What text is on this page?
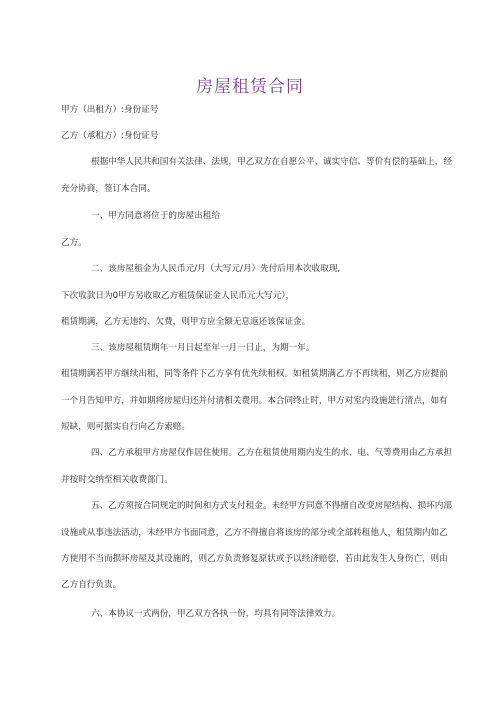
房屋租赁合同
甲方（出租方）:身份证号
乙方（承租方）:身份证号
根据中华人民共和国有关法律、法规，甲乙双方在自愿公平、诚实守信、等价有偿的基础上，经
充分协商，签订本合同。
一、甲方同意将位于的房屋出租给
乙方。
二、该房屋租金为人民币元/月（大写元/月）先付后用本次收取现,
下次收款日为0甲方另收取乙方租赁保证金人民币元大写元），
租赁期满，乙方无违约、欠费，则甲方应全额无息返还该保证金。
三、该房屋租赁期年一月日起至年一月一日止，为期一年。
租赁期满若甲方继续出租，同等条件下乙方享有优先续租权。如租赁期满乙方不再续租，则乙方应提前
一个月告知甲方，并如期将房屋归还并付清相关费用。本合同终止时，甲方对室内设施进行清点，如有
短缺，则可据实自行向乙方索赔。
四、乙方承租甲方房屋仅作居住使用。乙方在租赁使用期内发生的水、电、气等费用由乙方承担
并按时交纳至相关收费部门。
五、乙方须按合同规定的时间和方式支付租金。未经甲方同意不得擅自改变房屋结构、损坏内部
设施或从事违法活动，未经甲方书面同意，乙方不得擅自将该房的部分或全部转租他人，租赁期内如乙
方使用不当而损坏房屋及其设施的，则乙方负责修复原状或予以经济赔偿，若由此发生人身伤亡，则由
乙方自行负责。
六、本协议一式两份，甲乙双方各执一份，均具有同等法律效力。
